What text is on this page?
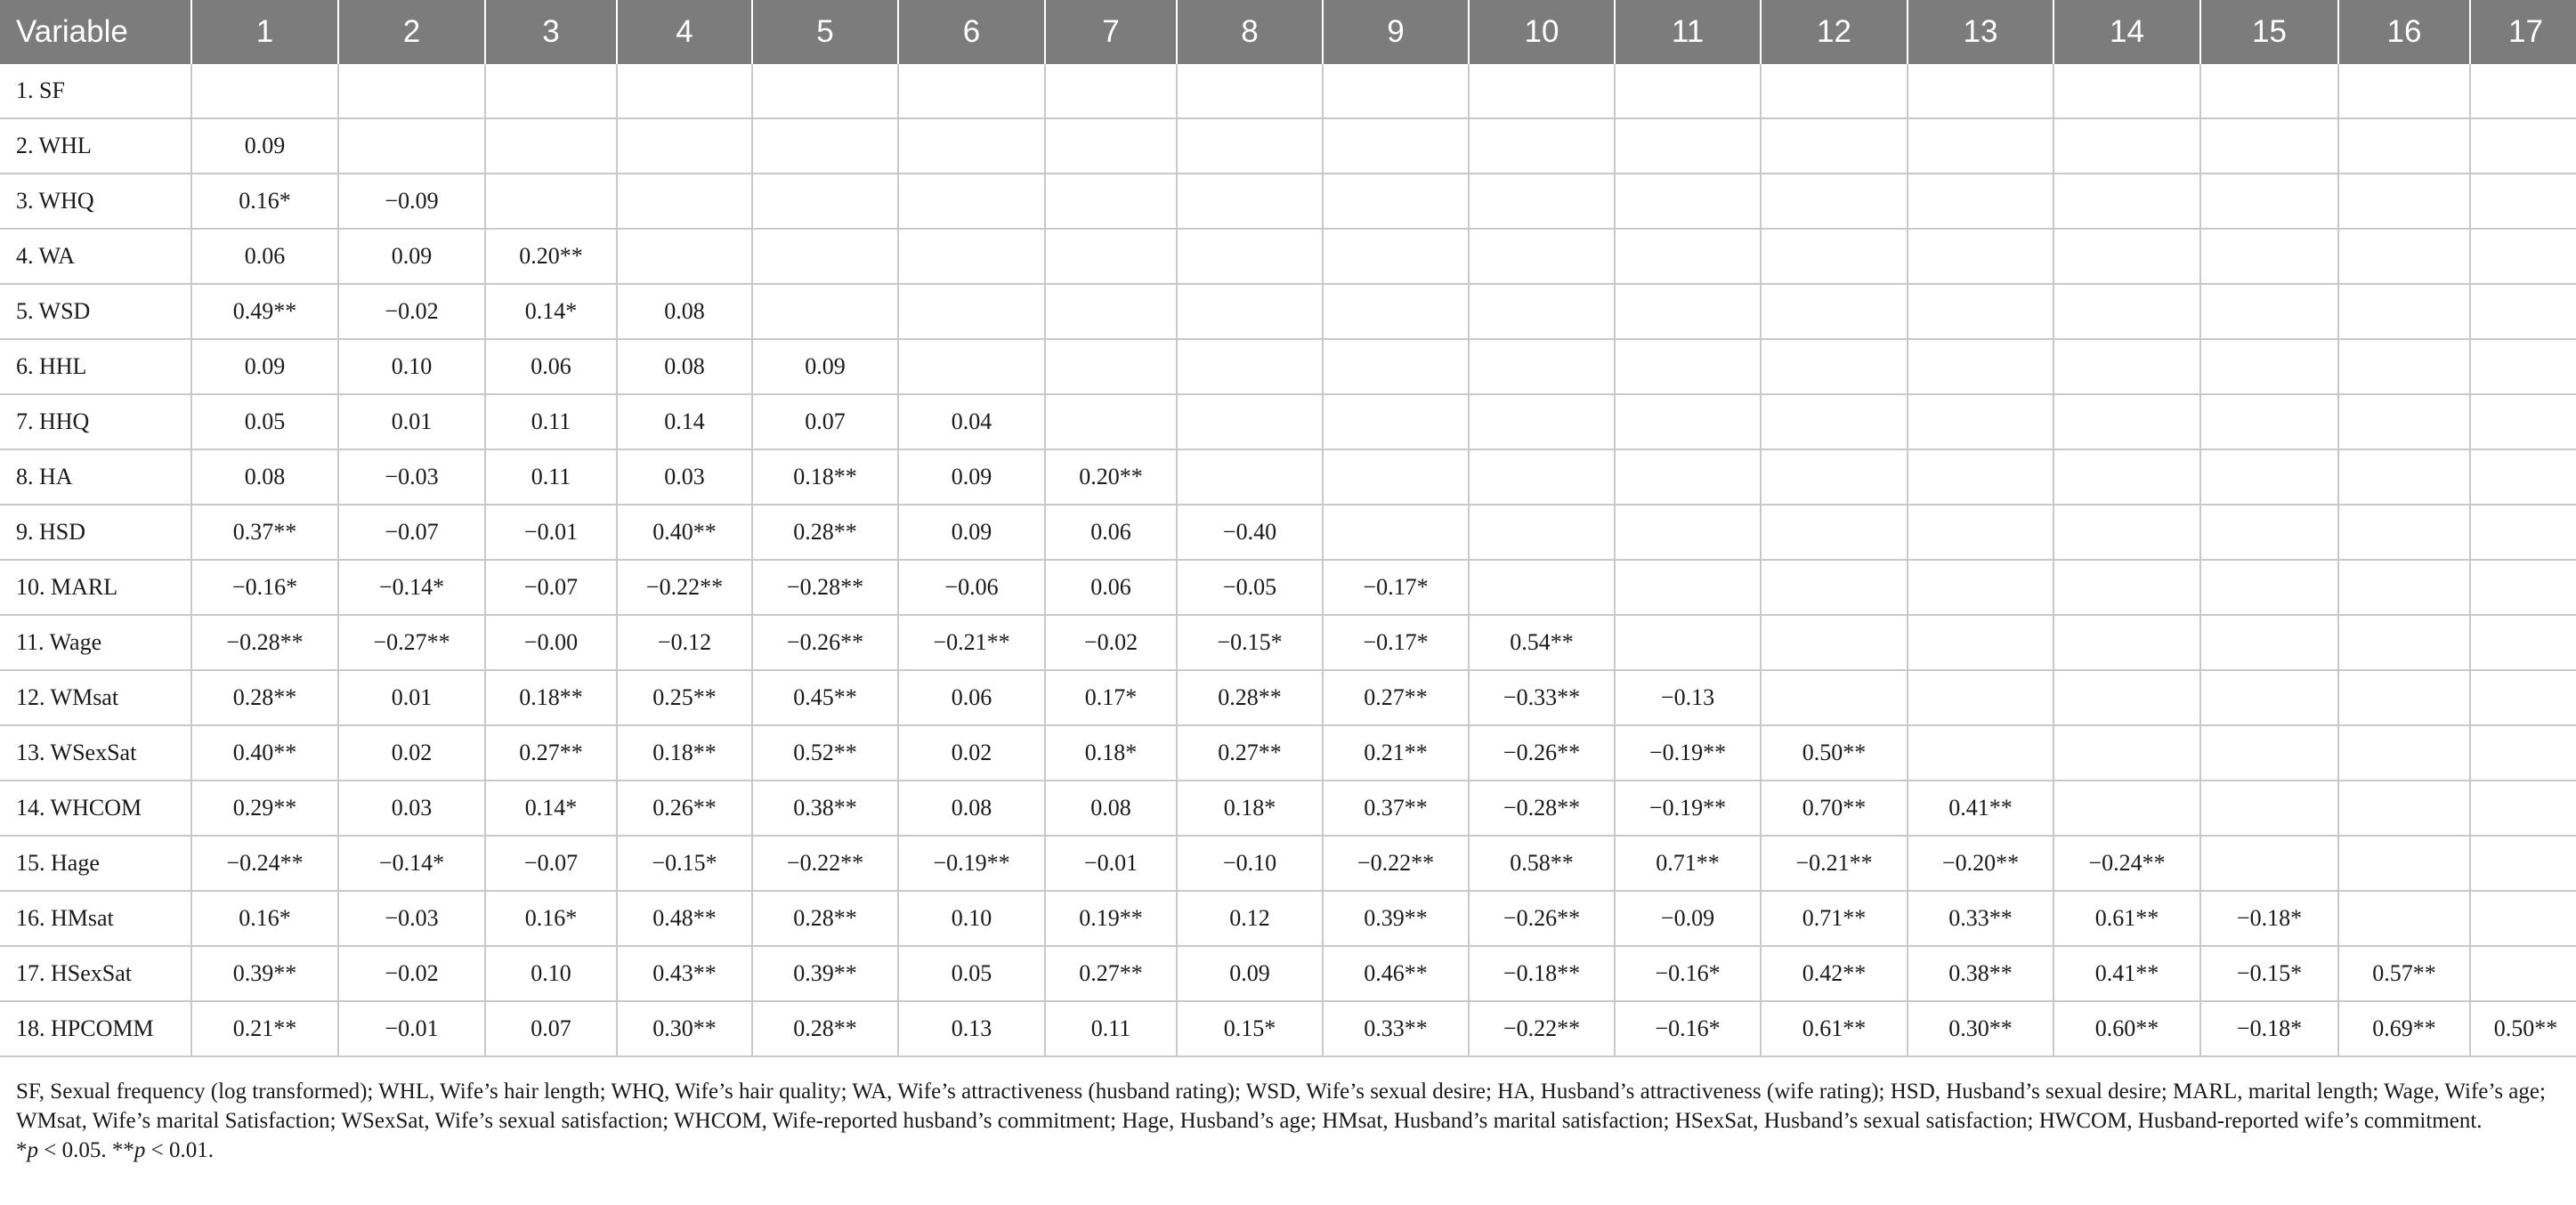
Variable	1	2	3	4	5	6	7	8	9	10	11	12	13	14	15	16	17
1. SF																	
2. WHL	0.09																
3. WHQ	0.16*	−0.09															
4. WA	0.06	0.09	0.20**														
5. WSD	0.49**	−0.02	0.14*	0.08													
6. HHL	0.09	0.10	0.06	0.08	0.09												
7. HHQ	0.05	0.01	0.11	0.14	0.07	0.04											
8. HA	0.08	−0.03	0.11	0.03	0.18**	0.09	0.20**										
9. HSD	0.37**	−0.07	−0.01	0.40**	0.28**	0.09	0.06	−0.40									
10. MARL	−0.16*	−0.14*	−0.07	−0.22**	−0.28**	−0.06	0.06	−0.05	−0.17*								
11. Wage	−0.28**	−0.27**	−0.00	−0.12	−0.26**	−0.21**	−0.02	−0.15*	−0.17*	0.54**							
12. WMsat	0.28**	0.01	0.18**	0.25**	0.45**	0.06	0.17*	0.28**	0.27**	−0.33**	−0.13						
13. WSexSat	0.40**	0.02	0.27**	0.18**	0.52**	0.02	0.18*	0.27**	0.21**	−0.26**	−0.19**	0.50**					
14. WHCOM	0.29**	0.03	0.14*	0.26**	0.38**	0.08	0.08	0.18*	0.37**	−0.28**	−0.19**	0.70**	0.41**				
15. Hage	−0.24**	−0.14*	−0.07	−0.15*	−0.22**	−0.19**	−0.01	−0.10	−0.22**	0.58**	0.71**	−0.21**	−0.20**	−0.24**			
16. HMsat	0.16*	−0.03	0.16*	0.48**	0.28**	0.10	0.19**	0.12	0.39**	−0.26**	−0.09	0.71**	0.33**	0.61**	−0.18*		
17. HSexSat	0.39**	−0.02	0.10	0.43**	0.39**	0.05	0.27**	0.09	0.46**	−0.18**	−0.16*	0.42**	0.38**	0.41**	−0.15*	0.57**	
18. HPCOMM	0.21**	−0.01	0.07	0.30**	0.28**	0.13	0.11	0.15*	0.33**	−0.22**	−0.16*	0.61**	0.30**	0.60**	−0.18*	0.69**	0.50**

SF, Sexual frequency (log transformed); WHL, Wife’s hair length; WHQ, Wife’s hair quality; WA, Wife’s attractiveness (husband rating); WSD, Wife’s sexual desire; HA, Husband’s attractiveness (wife rating); HSD, Husband’s sexual desire; MARL, marital length; Wage, Wife’s age; WMsat, Wife’s marital Satisfaction; WSexSat, Wife’s sexual satisfaction; WHCOM, Wife-reported husband’s commitment; Hage, Husband’s age; HMsat, Husband’s marital satisfaction; HSexSat, Husband’s sexual satisfaction; HWCOM, Husband-reported wife’s commitment.

*p < 0.05. **p < 0.01.
